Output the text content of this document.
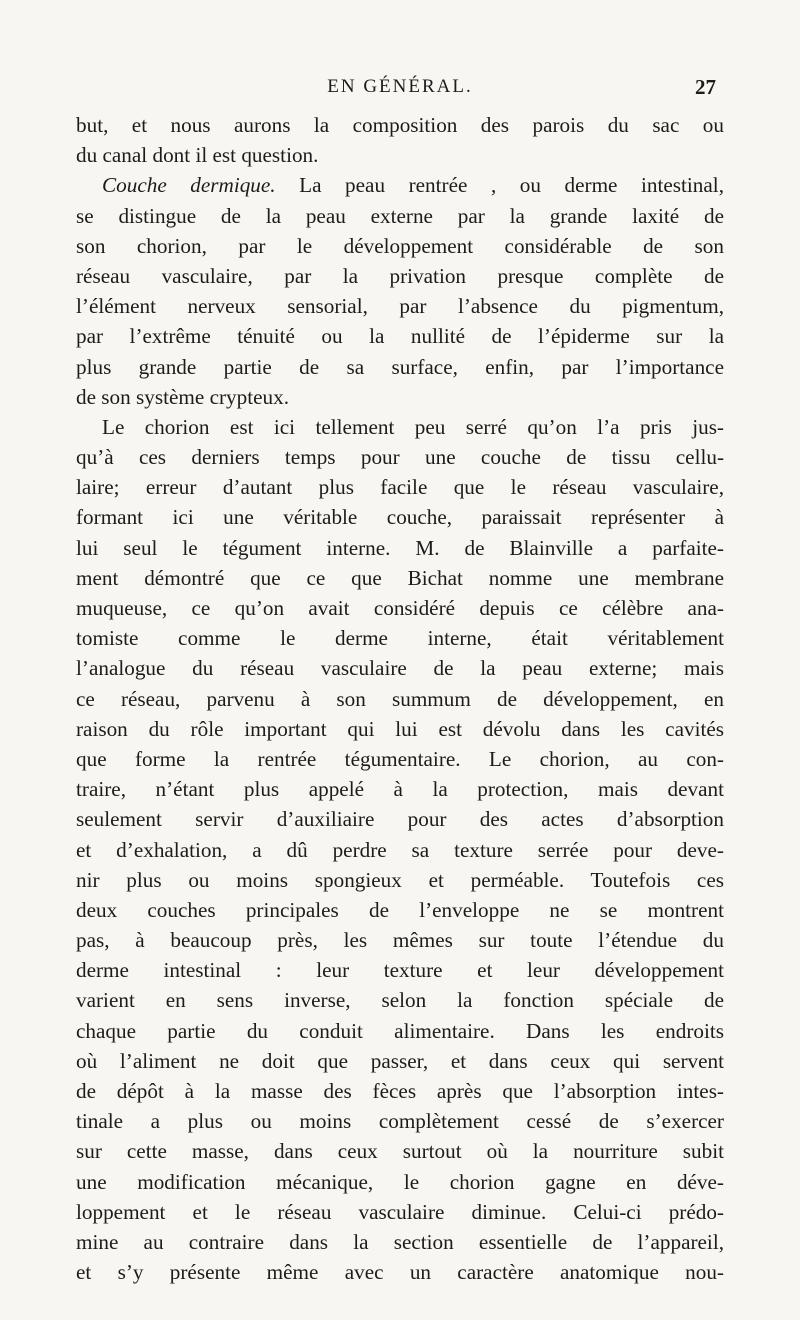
EN GÉNÉRAL.	27
but, et nous aurons la composition des parois du sac ou
du canal dont il est question.
Couche dermique. La peau rentrée , ou derme intestinal,
se distingue de la peau externe par la grande laxité de
son chorion, par le développement considérable de son
réseau vasculaire, par la privation presque complète de
l’élément nerveux sensorial, par l’absence du pigmentum,
par l’extrême ténuité ou la nullité de l’épiderme sur la
plus grande partie de sa surface, enfin, par l’importance
de son système crypteux.
Le chorion est ici tellement peu serré qu’on l’a pris jus-
qu’à ces derniers temps pour une couche de tissu cellu-
laire; erreur d’autant plus facile que le réseau vasculaire,
formant ici une véritable couche, paraissait représenter à
lui seul le tégument interne. M. de Blainville a parfaite-
ment démontré que ce que Bichat nomme une membrane
muqueuse, ce qu’on avait considéré depuis ce célèbre ana-
tomiste comme le derme interne, était véritablement
l’analogue du réseau vasculaire de la peau externe; mais
ce réseau, parvenu à son summum de développement, en
raison du rôle important qui lui est dévolu dans les cavités
que forme la rentrée tégumentaire. Le chorion, au con-
traire, n’étant plus appelé à la protection, mais devant
seulement servir d’auxiliaire pour des actes d’absorption
et d’exhalation, a dû perdre sa texture serrée pour deve-
nir plus ou moins spongieux et perméable. Toutefois ces
deux couches principales de l’enveloppe ne se montrent
pas, à beaucoup près, les mêmes sur toute l’étendue du
derme intestinal : leur texture et leur développement
varient en sens inverse, selon la fonction spéciale de
chaque partie du conduit alimentaire. Dans les endroits
où l’aliment ne doit que passer, et dans ceux qui servent
de dépôt à la masse des fèces après que l’absorption intes-
tinale a plus ou moins complètement cessé de s’exercer
sur cette masse, dans ceux surtout où la nourriture subit
une modification mécanique, le chorion gagne en déve-
loppement et le réseau vasculaire diminue. Celui-ci prédo-
mine au contraire dans la section essentielle de l’appareil,
et s’y présente même avec un caractère anatomique nou-
